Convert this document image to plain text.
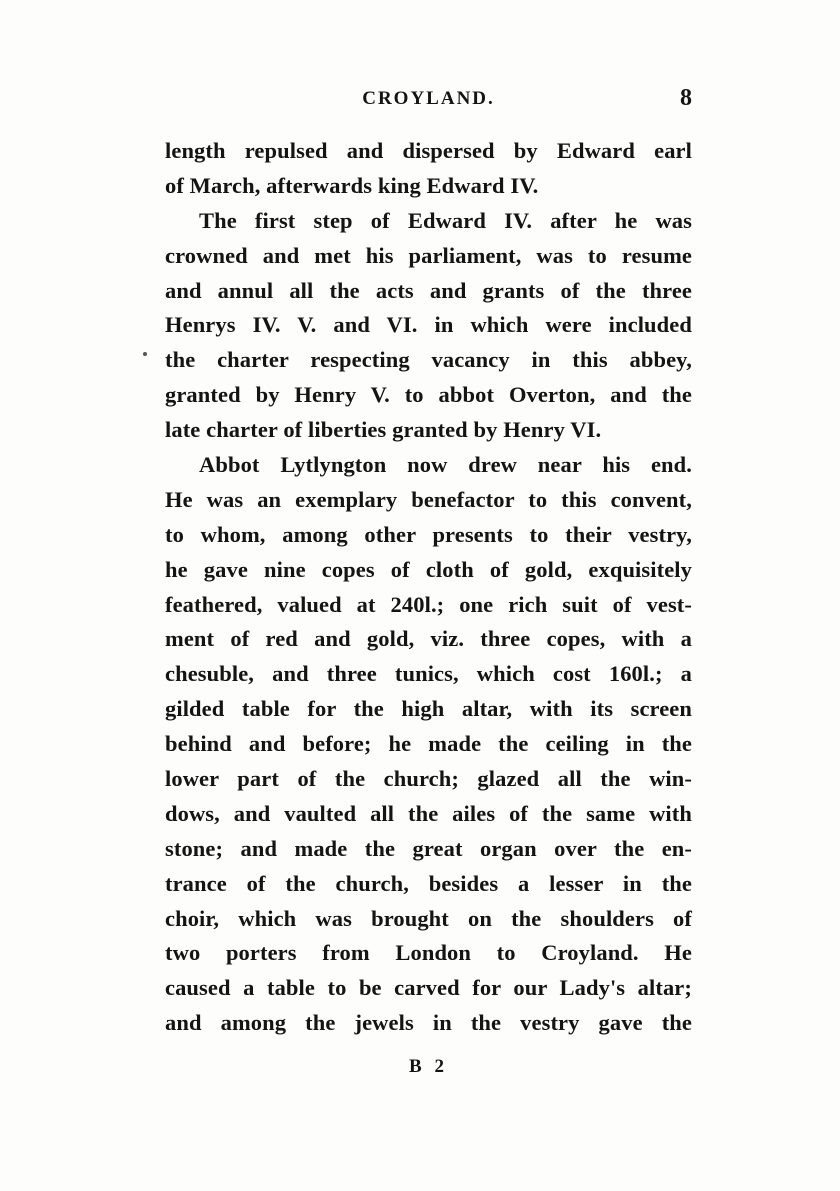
CROYLAND.	8
length repulsed and dispersed by Edward earl
of March, afterwards king Edward IV.
The first step of Edward IV. after he was
crowned and met his parliament, was to resume
and annul all the acts and grants of the three
Henrys IV. V. and VI. in which were included
the charter respecting vacancy in this abbey,
granted by Henry V. to abbot Overton, and the
late charter of liberties granted by Henry VI.
Abbot Lytlyngton now drew near his end.
He was an exemplary benefactor to this convent,
to whom, among other presents to their vestry,
he gave nine copes of cloth of gold, exquisitely
feathered, valued at 240l.; one rich suit of vest-
ment of red and gold, viz. three copes, with a
chesuble, and three tunics, which cost 160l.; a
gilded table for the high altar, with its screen
behind and before; he made the ceiling in the
lower part of the church; glazed all the win-
dows, and vaulted all the ailes of the same with
stone; and made the great organ over the en-
trance of the church, besides a lesser in the
choir, which was brought on the shoulders of
two porters from London to Croyland. He
caused a table to be carved for our Lady's altar;
and among the jewels in the vestry gave the
B 2
